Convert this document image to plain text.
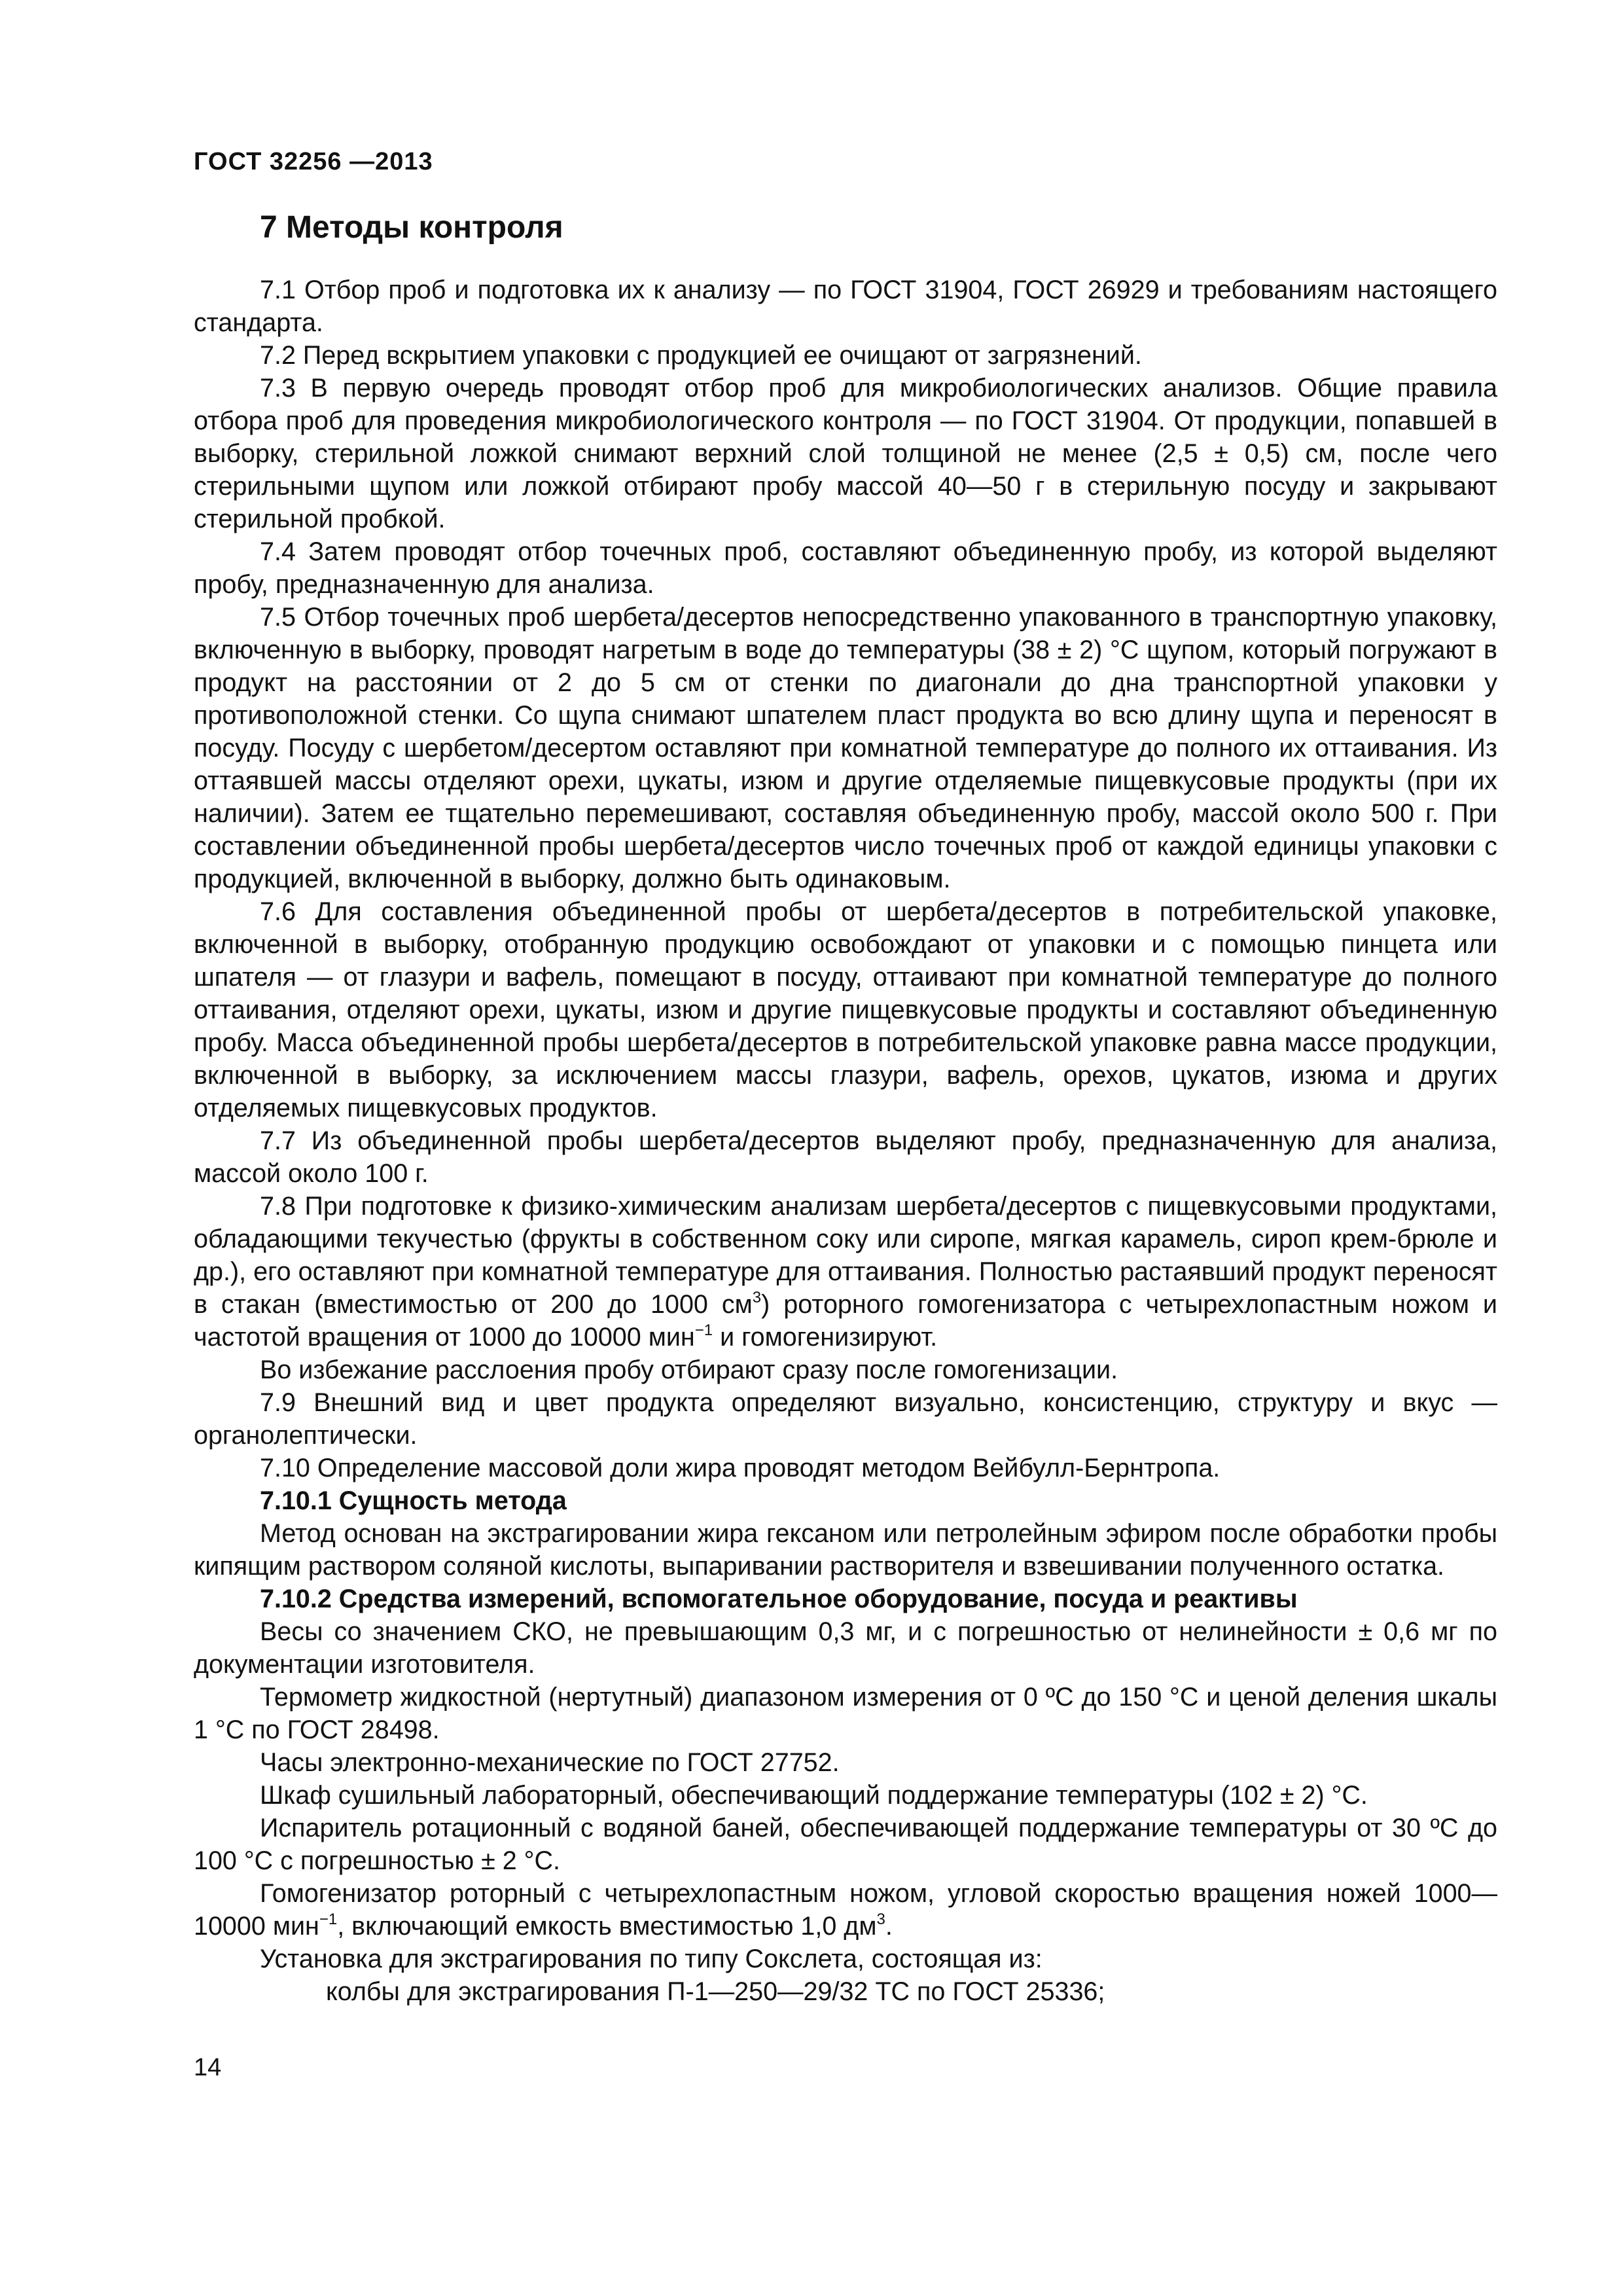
ГОСТ 32256 —2013
7 Методы контроля

7.1 Отбор проб и подготовка их к анализу — по ГОСТ 31904, ГОСТ 26929 и требованиям настоящего стандарта.

7.2 Перед вскрытием упаковки с продукцией ее очищают от загрязнений.

7.3 В первую очередь проводят отбор проб для микробиологических анализов. Общие правила отбора проб для проведения микробиологического контроля — по ГОСТ 31904. От продукции, попавшей в выборку, стерильной ложкой снимают верхний слой толщиной не менее (2,5 ± 0,5) см, после чего стерильными щупом или ложкой отбирают пробу массой 40—50 г в стерильную посуду и закрывают стерильной пробкой.

7.4 Затем проводят отбор точечных проб, составляют объединенную пробу, из которой выделяют пробу, предназначенную для анализа.

7.5 Отбор точечных проб шербета/десертов непосредственно упакованного в транспортную упаковку, включенную в выборку, проводят нагретым в воде до температуры (38 ± 2) °С щупом, который погружают в продукт на расстоянии от 2 до 5 см от стенки по диагонали до дна транспортной упаковки у противоположной стенки. Со щупа снимают шпателем пласт продукта во всю длину щупа и переносят в посуду. Посуду с шербетом/десертом оставляют при комнатной температуре до полного их оттаивания. Из оттаявшей массы отделяют орехи, цукаты, изюм и другие отделяемые пищевкусовые продукты (при их наличии). Затем ее тщательно перемешивают, составляя объединенную пробу, массой около 500 г. При составлении объединенной пробы шербета/десертов число точечных проб от каждой единицы упаковки с продукцией, включенной в выборку, должно быть одинаковым.

7.6 Для составления объединенной пробы от шербета/десертов в потребительской упаковке, включенной в выборку, отобранную продукцию освобождают от упаковки и с помощью пинцета или шпателя — от глазури и вафель, помещают в посуду, оттаивают при комнатной температуре до полного оттаивания, отделяют орехи, цукаты, изюм и другие пищевкусовые продукты и составляют объединенную пробу. Масса объединенной пробы шербета/десертов в потребительской упаковке равна массе продукции, включенной в выборку, за исключением массы глазури, вафель, орехов, цукатов, изюма и других отделяемых пищевкусовых продуктов.

7.7 Из объединенной пробы шербета/десертов выделяют пробу, предназначенную для анализа, массой около 100 г.

7.8 При подготовке к физико-химическим анализам шербета/десертов с пищевкусовыми продуктами, обладающими текучестью (фрукты в собственном соку или сиропе, мягкая карамель, сироп крем-брюле и др.), его оставляют при комнатной температуре для оттаивания. Полностью растаявший продукт переносят в стакан (вместимостью от 200 до 1000 $см^3$) роторного гомогенизатора с четырехлопастным ножом и частотой вращения от 1000 до 10000 мин$^{-1}$ и гомогенизируют.

Во избежание расслоения пробу отбирают сразу после гомогенизации.

7.9 Внешний вид и цвет продукта определяют визуально, консистенцию, структуру и вкус — органолептически.

7.10 Определение массовой доли жира проводят методом Вейбулл-Бернтропа.

7.10.1 Сущность метода

Метод основан на экстрагировании жира гексаном или петролейным эфиром после обработки пробы кипящим раствором соляной кислоты, выпаривании растворителя и взвешивании полученного остатка.

7.10.2 Средства измерений, вспомогательное оборудование, посуда и реактивы

Весы со значением СКО, не превышающим 0,3 мг, и с погрешностью от нелинейности ± 0,6 мг по документации изготовителя.

Термометр жидкостной (нертутный) диапазоном измерения от 0 ºС до 150 °С и ценой деления шкалы 1 °С по ГОСТ 28498.

Часы электронно-механические по ГОСТ 27752.

Шкаф сушильный лабораторный, обеспечивающий поддержание температуры (102 ± 2) °С.

Испаритель ротационный с водяной баней, обеспечивающей поддержание температуры от 30 ºС до 100 °С с погрешностью ± 2 °С.

Гомогенизатор роторный с четырехлопастным ножом, угловой скоростью вращения ножей 1000—10000 мин$^{-1}$, включающий емкость вместимостью 1,0 $дм^3$.

Установка для экстрагирования по типу Сокслета, состоящая из:

колбы для экстрагирования П-1—250—29/32 ТС по ГОСТ 25336;

14
